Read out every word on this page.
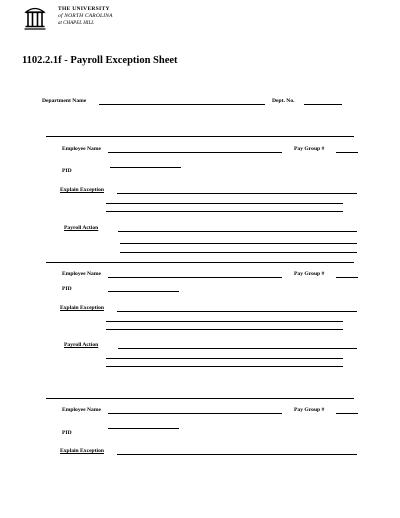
THE UNIVERSITY
of NORTH CAROLINA
at CHAPEL HILL
1102.2.1f - Payroll Exception Sheet
Department Name	Dept. No.
Employee Name	Pay Group #
PID
Explain Exception
Payroll Action
Employee Name	Pay Group #
PID
Explain Exception
Payroll Action
Employee Name	Pay Group #
PID
Explain Exception
